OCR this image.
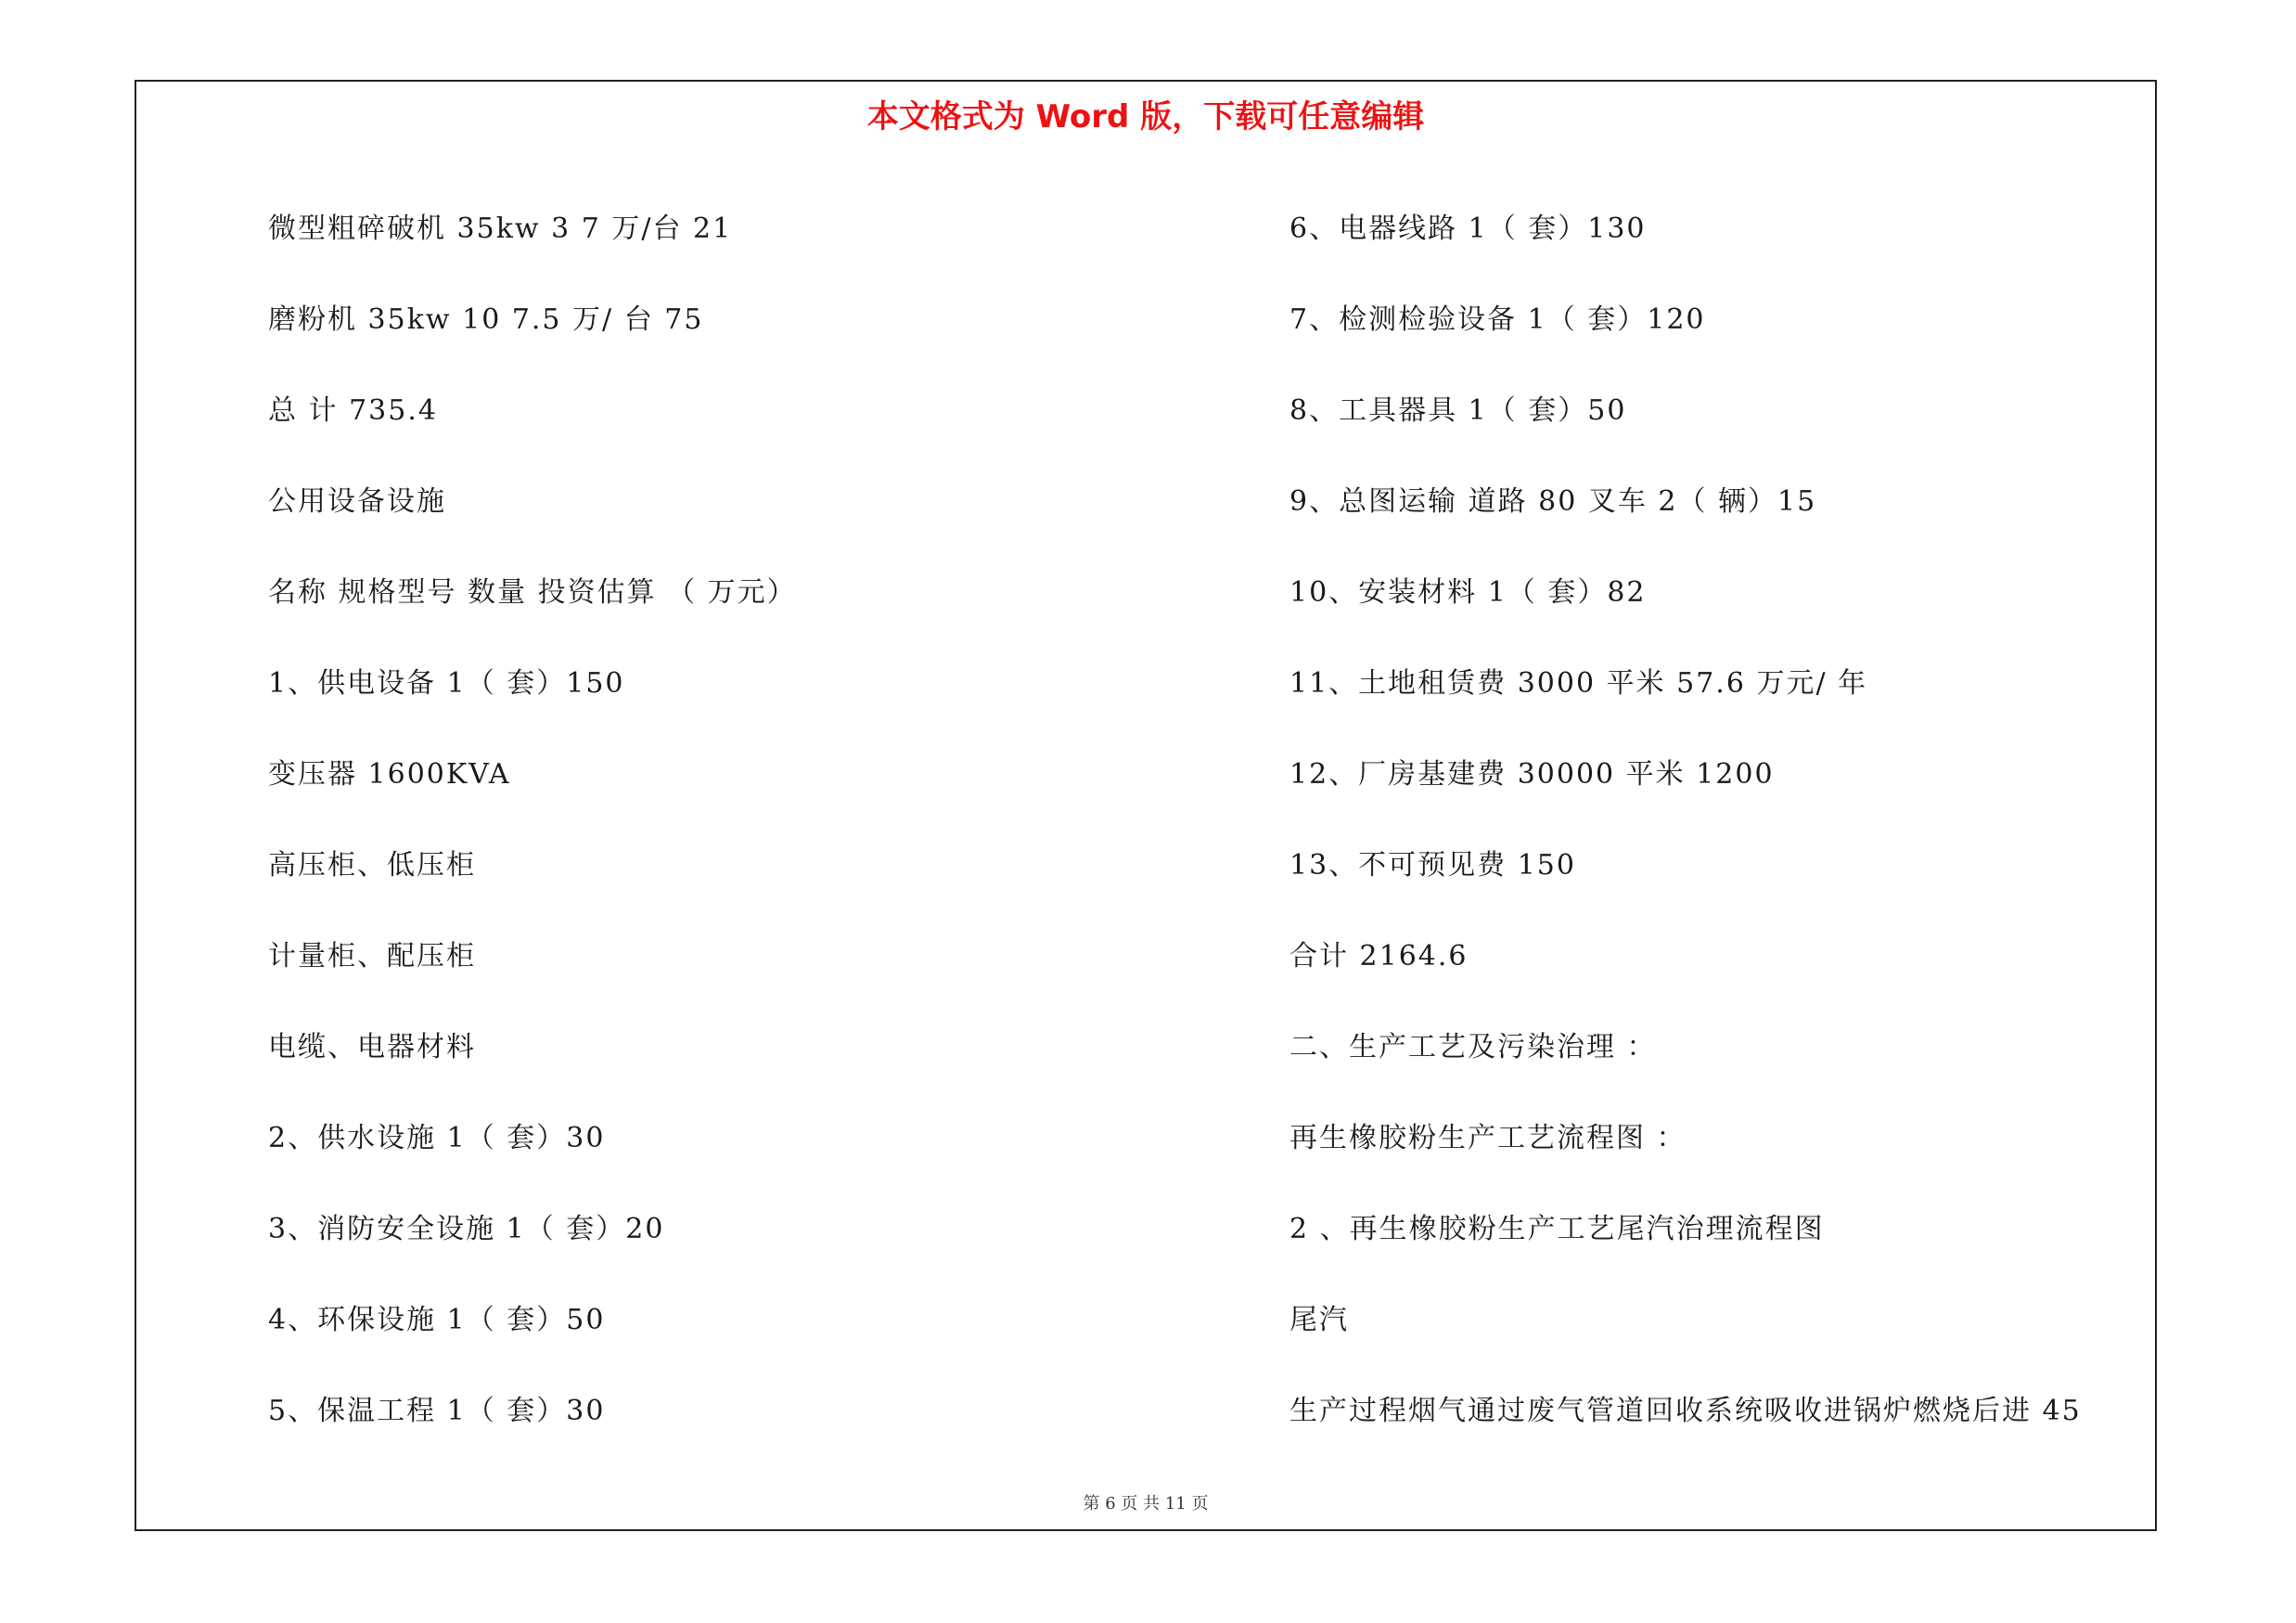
本文格式为 Word 版，下载可任意编辑
微型粗碎破机 35kw 3 7 万/台 21
磨粉机 35kw 10 7.5 万/ 台 75
总 计 735.4
公用设备设施
名称 规格型号 数量 投资估算 （ 万元）
1、供电设备 1（ 套）150
变压器 1600KVA
高压柜、低压柜
计量柜、配压柜
电缆、电器材料
2、供水设施 1（ 套）30
3、消防安全设施 1（ 套）20
4、环保设施 1（ 套）50
5、保温工程 1（ 套）30
6、电器线路 1（ 套）130
7、检测检验设备 1（ 套）120
8、工具器具 1（ 套）50
9、总图运输 道路 80 叉车 2（ 辆）15
10、安装材料 1（ 套）82
11、土地租赁费 3000 平米 57.6 万元/ 年
12、厂房基建费 30000 平米 1200
13、不可预见费 150
合计 2164.6
二、生产工艺及污染治理 ：
再生橡胶粉生产工艺流程图 ：
2 、再生橡胶粉生产工艺尾汽治理流程图
尾汽
生产过程烟气通过废气管道回收系统吸收进锅炉燃烧后进 45
第 6 页 共 11 页
